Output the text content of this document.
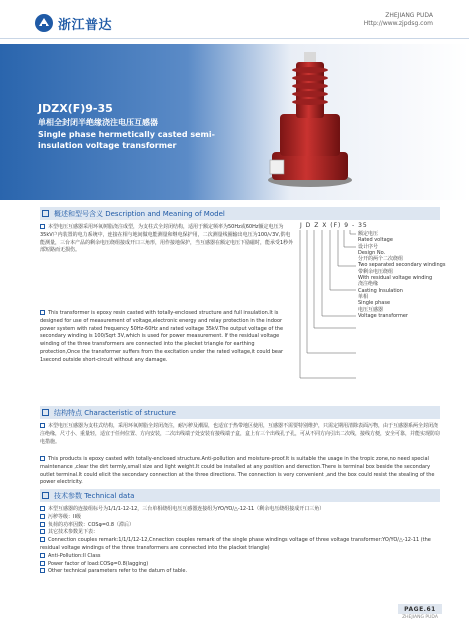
浙江普达
ZHEJIANG PUDA
Http://www.zjpdsg.com
JDZX(F)9-35
单相全封闭半绝缘浇注电压互感器
Single phase hermetically casted semi-insulation voltage transformer
概述和型号含义 Description and Meaning of Model
本型电压互感器采用环氧树脂浇注成型，为支柱式全封闭结构，适用于额定频率为50Hz或60Hz额定电压为35kV户内装置的电力系统中，连接在相与地间做电能测量和继电保护用，二次测量线圈输出电压为100/√3V,供电能测量，三台本产品的剩余电压绕组接成开口三角形，用作接地保护，当互感器在额定电压下励磁时，能承受1秒外部短路而无损伤。
This transformer is epoxy resin casted with totally-enclosed structure and full insulation.It is designed for use of measurement of voltage,electronic energy and relay protection in the indoor power system with rated frequency 50Hz-60Hz and rated voltage 35kV.The output voltage of the secondary winding is 100/Sqrt 3V,which is used for power measurement. If the residual voltage winding of the three transformers are connected into the plecket triangle for earthing protection,Once the transformer suffers from the excitation under the rated voltage,it could bear 1second outside short-circuit without any damage.
J D Z X (F) 9 - 35
额定电压
Rated voltage
设计序号
Design No.
分开的两个二次绕组
Two separated secondary windings
带剩余电压绕组
With residual voltage winding
浇注绝缘
Casting Insulation
单相
Single phase
电压互感器
Voltage transformer
结构特点 Characteristic of structure
本型电压互感器为支柱式结构，采用环氧树脂全封闭浇注，耐污秽及潮湿，也适宜于热带地区使用，互感器不需要特别维护，只需定期用清除表面污物，由于互感器系两全封闭浇注绝缘，尺寸小、重量轻，适宜于任何位置、方向安装，二次出线端子处安装有接线端子盒，盒上有三个出线孔子孔，可从不同方向引出二次线，接线方便，安全可靠，并能实现防窃电措施。
This products is epoxy casted with totally-enclosed structure.Anti-pollution and moisture-proof.It is suitable the usage in the tropic zone,no need special maintenance ,clear the dirt termly,small size and light weight.It could be installed at any position and derection.There is terminal box beside the secondary outlet terminal.It could elicit the secondary connection at the three directions. The connection is very convenient ,and the box could resist the stealing of the power electricity.
技术参数 Technical data
本型互感器的连接组标号为1/1/1-12-12，三台单相绕组电压互感器连接组为YO/YO/△-12-11（剩余电压绕组接成开口三角）
污秽等级：II级
负荷的功率因数：COSφ=0.8（滞后）
其它技术参数见下表：
Connection couples remark:1/1/1/12-12,Cnnection couples remark of the single phase windings voltage of three voltage transformer:YO/YO/△-12-11 (the residual voltage windings of the three transformers are connected into the placket triangle)
Anti-Pollution:II Class
Power factor of load:COSφ=0.8(lagging)
Other technical parameters refer to the datum of table.
PAGE.61
ZHEJIANG PUDA
